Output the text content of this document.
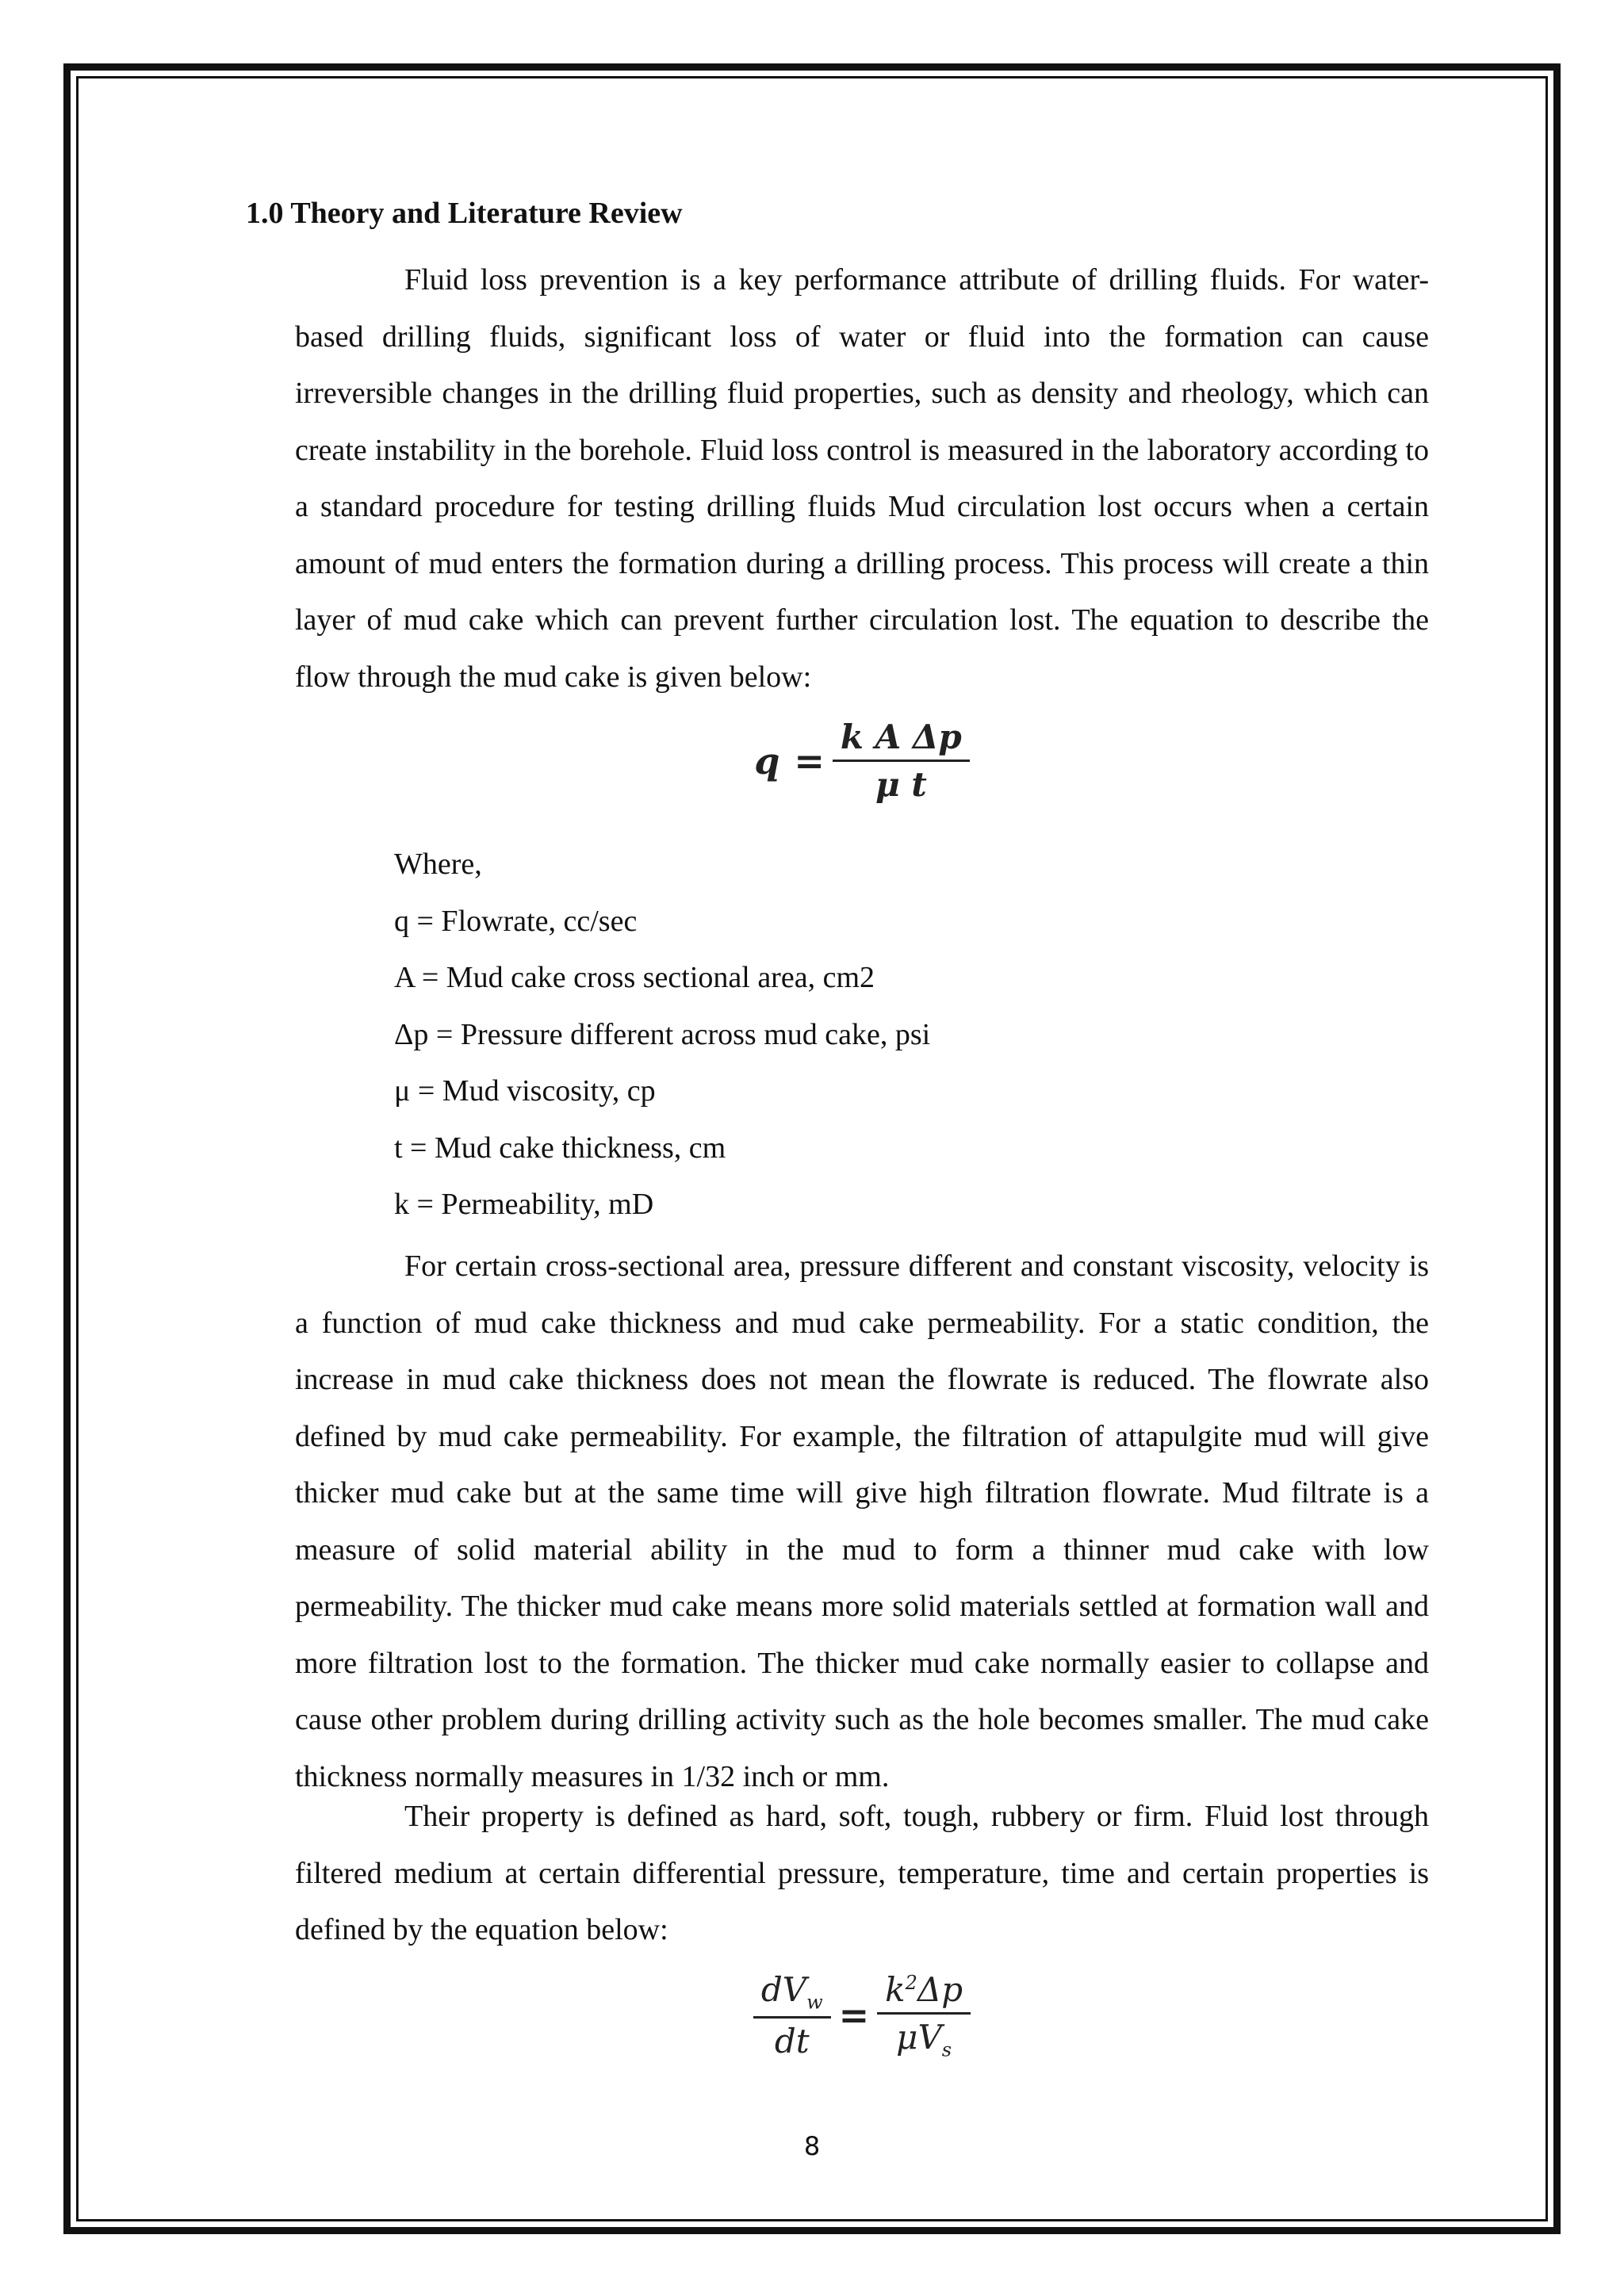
1.0 Theory and Literature Review

Fluid loss prevention is a key performance attribute of drilling fluids. For water-based drilling fluids, significant loss of water or fluid into the formation can cause irreversible changes in the drilling fluid properties, such as density and rheology, which can create instability in the borehole. Fluid loss control is measured in the laboratory according to a standard procedure for testing drilling fluids Mud circulation lost occurs when a certain amount of mud enters the formation during a drilling process. This process will create a thin layer of mud cake which can prevent further circulation lost. The equation to describe the flow through the mud cake is given below:

$q = \frac{\text{k A Δp}}{\text{μ t}}$
Where,
q = Flowrate, cc/sec
A = Mud cake cross sectional area, cm2
Δp = Pressure different across mud cake, psi
μ = Mud viscosity, cp
t = Mud cake thickness, cm
k = Permeability, mD

For certain cross-sectional area, pressure different and constant viscosity, velocity is a function of mud cake thickness and mud cake permeability. For a static condition, the increase in mud cake thickness does not mean the flowrate is reduced. The flowrate also defined by mud cake permeability. For example, the filtration of attapulgite mud will give thicker mud cake but at the same time will give high filtration flowrate. Mud filtrate is a measure of solid material ability in the mud to form a thinner mud cake with low permeability. The thicker mud cake means more solid materials settled at formation wall and more filtration lost to the formation. The thicker mud cake normally easier to collapse and cause other problem during drilling activity such as the hole becomes smaller. The mud cake thickness normally measures in 1/32 inch or mm.

Their property is defined as hard, soft, tough, rubbery or firm. Fluid lost through filtered medium at certain differential pressure, temperature, time and certain properties is defined by the equation below:

$\frac{dV_w}{dt} = \frac{k^2\Delta p}{\mu V_s}$
8
